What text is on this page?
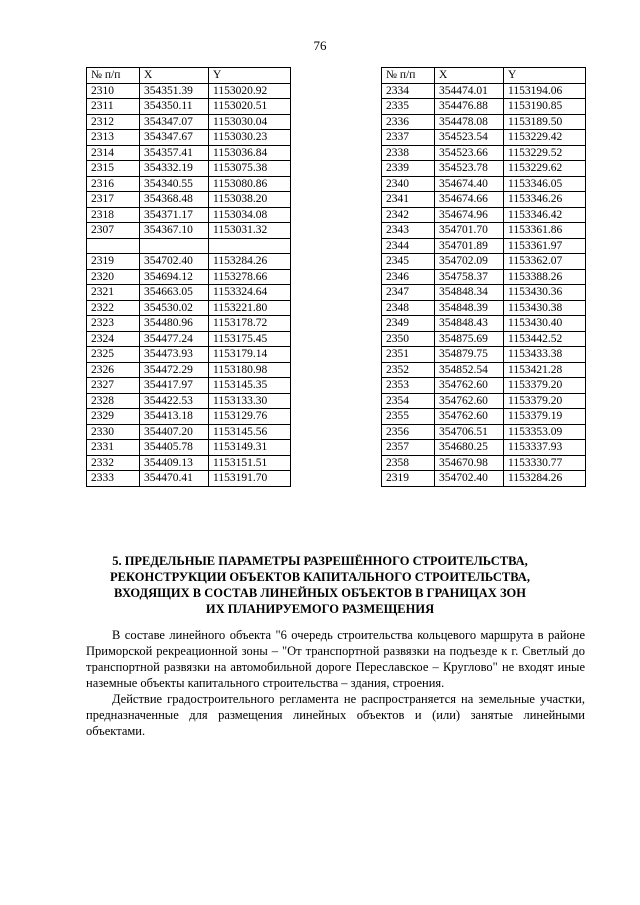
76
№ п/п	X	Y
2310	354351.39	1153020.92
2311	354350.11	1153020.51
2312	354347.07	1153030.04
2313	354347.67	1153030.23
2314	354357.41	1153036.84
2315	354332.19	1153075.38
2316	354340.55	1153080.86
2317	354368.48	1153038.20
2318	354371.17	1153034.08
2307	354367.10	1153031.32

2319	354702.40	1153284.26
2320	354694.12	1153278.66
2321	354663.05	1153324.64
2322	354530.02	1153221.80
2323	354480.96	1153178.72
2324	354477.24	1153175.45
2325	354473.93	1153179.14
2326	354472.29	1153180.98
2327	354417.97	1153145.35
2328	354422.53	1153133.30
2329	354413.18	1153129.76
2330	354407.20	1153145.56
2331	354405.78	1153149.31
2332	354409.13	1153151.51
2333	354470.41	1153191.70
№ п/п	X	Y
2334	354474.01	1153194.06
2335	354476.88	1153190.85
2336	354478.08	1153189.50
2337	354523.54	1153229.42
2338	354523.66	1153229.52
2339	354523.78	1153229.62
2340	354674.40	1153346.05
2341	354674.66	1153346.26
2342	354674.96	1153346.42
2343	354701.70	1153361.86
2344	354701.89	1153361.97
2345	354702.09	1153362.07
2346	354758.37	1153388.26
2347	354848.34	1153430.36
2348	354848.39	1153430.38
2349	354848.43	1153430.40
2350	354875.69	1153442.52
2351	354879.75	1153433.38
2352	354852.54	1153421.28
2353	354762.60	1153379.20
2354	354762.60	1153379.20
2355	354762.60	1153379.19
2356	354706.51	1153353.09
2357	354680.25	1153337.93
2358	354670.98	1153330.77
2319	354702.40	1153284.26
5. ПРЕДЕЛЬНЫЕ ПАРАМЕТРЫ РАЗРЕШЁННОГО СТРОИТЕЛЬСТВА,
РЕКОНСТРУКЦИИ ОБЪЕКТОВ КАПИТАЛЬНОГО СТРОИТЕЛЬСТВА,
ВХОДЯЩИХ В СОСТАВ ЛИНЕЙНЫХ ОБЪЕКТОВ В ГРАНИЦАХ ЗОН
ИХ ПЛАНИРУЕМОГО РАЗМЕЩЕНИЯ

В составе линейного объекта "6 очередь строительства кольцевого маршрута в районе Приморской рекреационной зоны – "От транспортной развязки на подъезде к г. Светлый до транспортной развязки на автомобильной дороге Переславское – Круглово" не входят иные наземные объекты капитального строительства – здания, строения.

Действие градостроительного регламента не распространяется на земельные участки, предназначенные для размещения линейных объектов и (или) занятые линейными объектами.
